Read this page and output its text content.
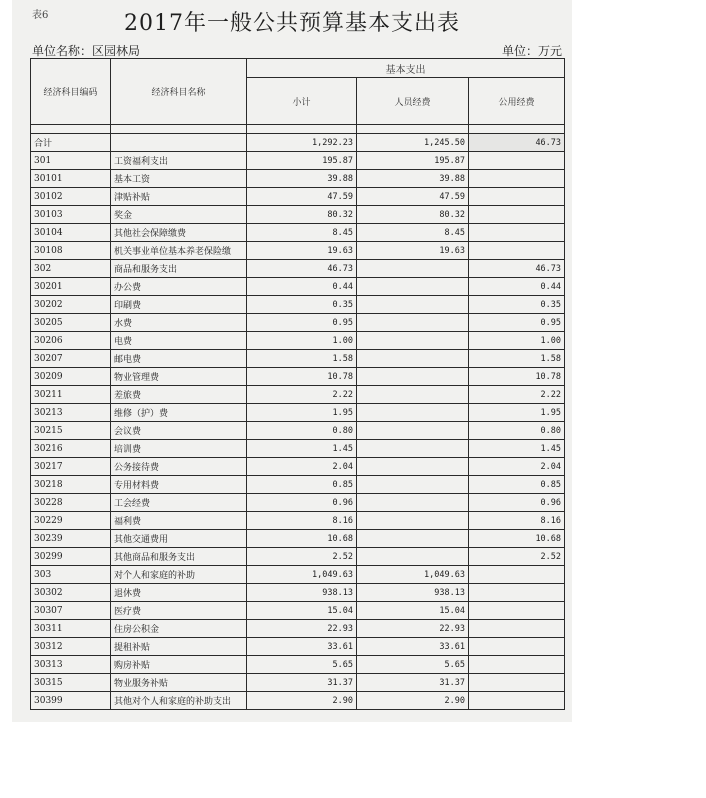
表6	2017年一般公共预算基本支出表
单位名称：区园林局	单位：万元
经济科目编码	经济科目名称	基本支出		
		小计	人员经费	公用经费

合计		1,292.23	1,245.50	46.73
301	工资福利支出	195.87	195.87	
30101	基本工资	39.88	39.88	
30102	津贴补贴	47.59	47.59	
30103	奖金	80.32	80.32	
30104	其他社会保障缴费	8.45	8.45	
30108	机关事业单位基本养老保险缴	19.63	19.63	
302	商品和服务支出	46.73		46.73
30201	办公费	0.44		0.44
30202	印刷费	0.35		0.35
30205	水费	0.95		0.95
30206	电费	1.00		1.00
30207	邮电费	1.58		1.58
30209	物业管理费	10.78		10.78
30211	差旅费	2.22		2.22
30213	维修（护）费	1.95		1.95
30215	会议费	0.80		0.80
30216	培训费	1.45		1.45
30217	公务接待费	2.04		2.04
30218	专用材料费	0.85		0.85
30228	工会经费	0.96		0.96
30229	福利费	8.16		8.16
30239	其他交通费用	10.68		10.68
30299	其他商品和服务支出	2.52		2.52
303	对个人和家庭的补助	1,049.63	1,049.63	
30302	退休费	938.13	938.13	
30307	医疗费	15.04	15.04	
30311	住房公积金	22.93	22.93	
30312	提租补贴	33.61	33.61	
30313	购房补贴	5.65	5.65	
30315	物业服务补贴	31.37	31.37	
30399	其他对个人和家庭的补助支出	2.90	2.90	
